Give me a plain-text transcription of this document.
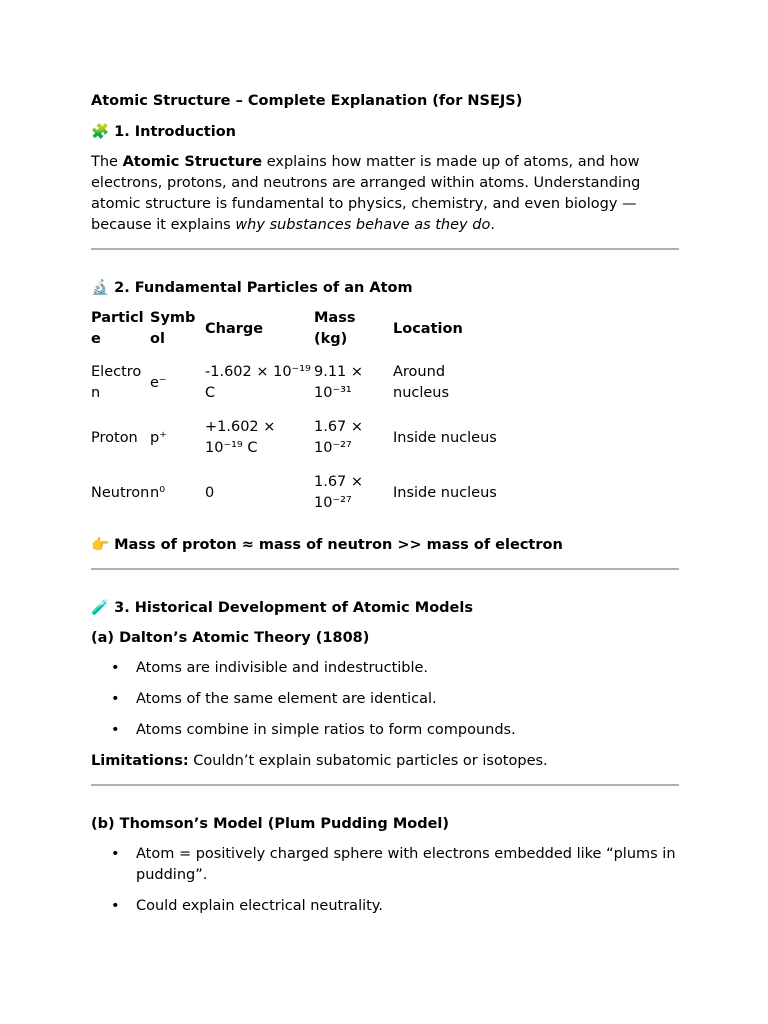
Atomic Structure – Complete Explanation (for NSEJS)
🧩 1. Introduction

The Atomic Structure explains how matter is made up of atoms, and how electrons, protons, and neutrons are arranged within atoms. Understanding atomic structure is fundamental to physics, chemistry, and even biology — because it explains why substances behave as they do.

🔬 2. Fundamental Particles of an Atom
Particle	Symbol	Charge	Mass (kg)	Location
Electron	e⁻	-1.602 × 10⁻¹⁹ C	9.11 × 10⁻³¹	Around nucleus
Proton	p⁺	+1.602 × 10⁻¹⁹ C	1.67 × 10⁻²⁷	Inside nucleus
Neutron	n⁰	0	1.67 × 10⁻²⁷	Inside nucleus

👉 Mass of proton ≈ mass of neutron >> mass of electron

🧪 3. Historical Development of Atomic Models
(a) Dalton’s Atomic Theory (1808)
• Atoms are indivisible and indestructible.
• Atoms of the same element are identical.
• Atoms combine in simple ratios to form compounds.

Limitations: Couldn’t explain subatomic particles or isotopes.

(b) Thomson’s Model (Plum Pudding Model)
• Atom = positively charged sphere with electrons embedded like “plums in pudding”.
• Could explain electrical neutrality.
